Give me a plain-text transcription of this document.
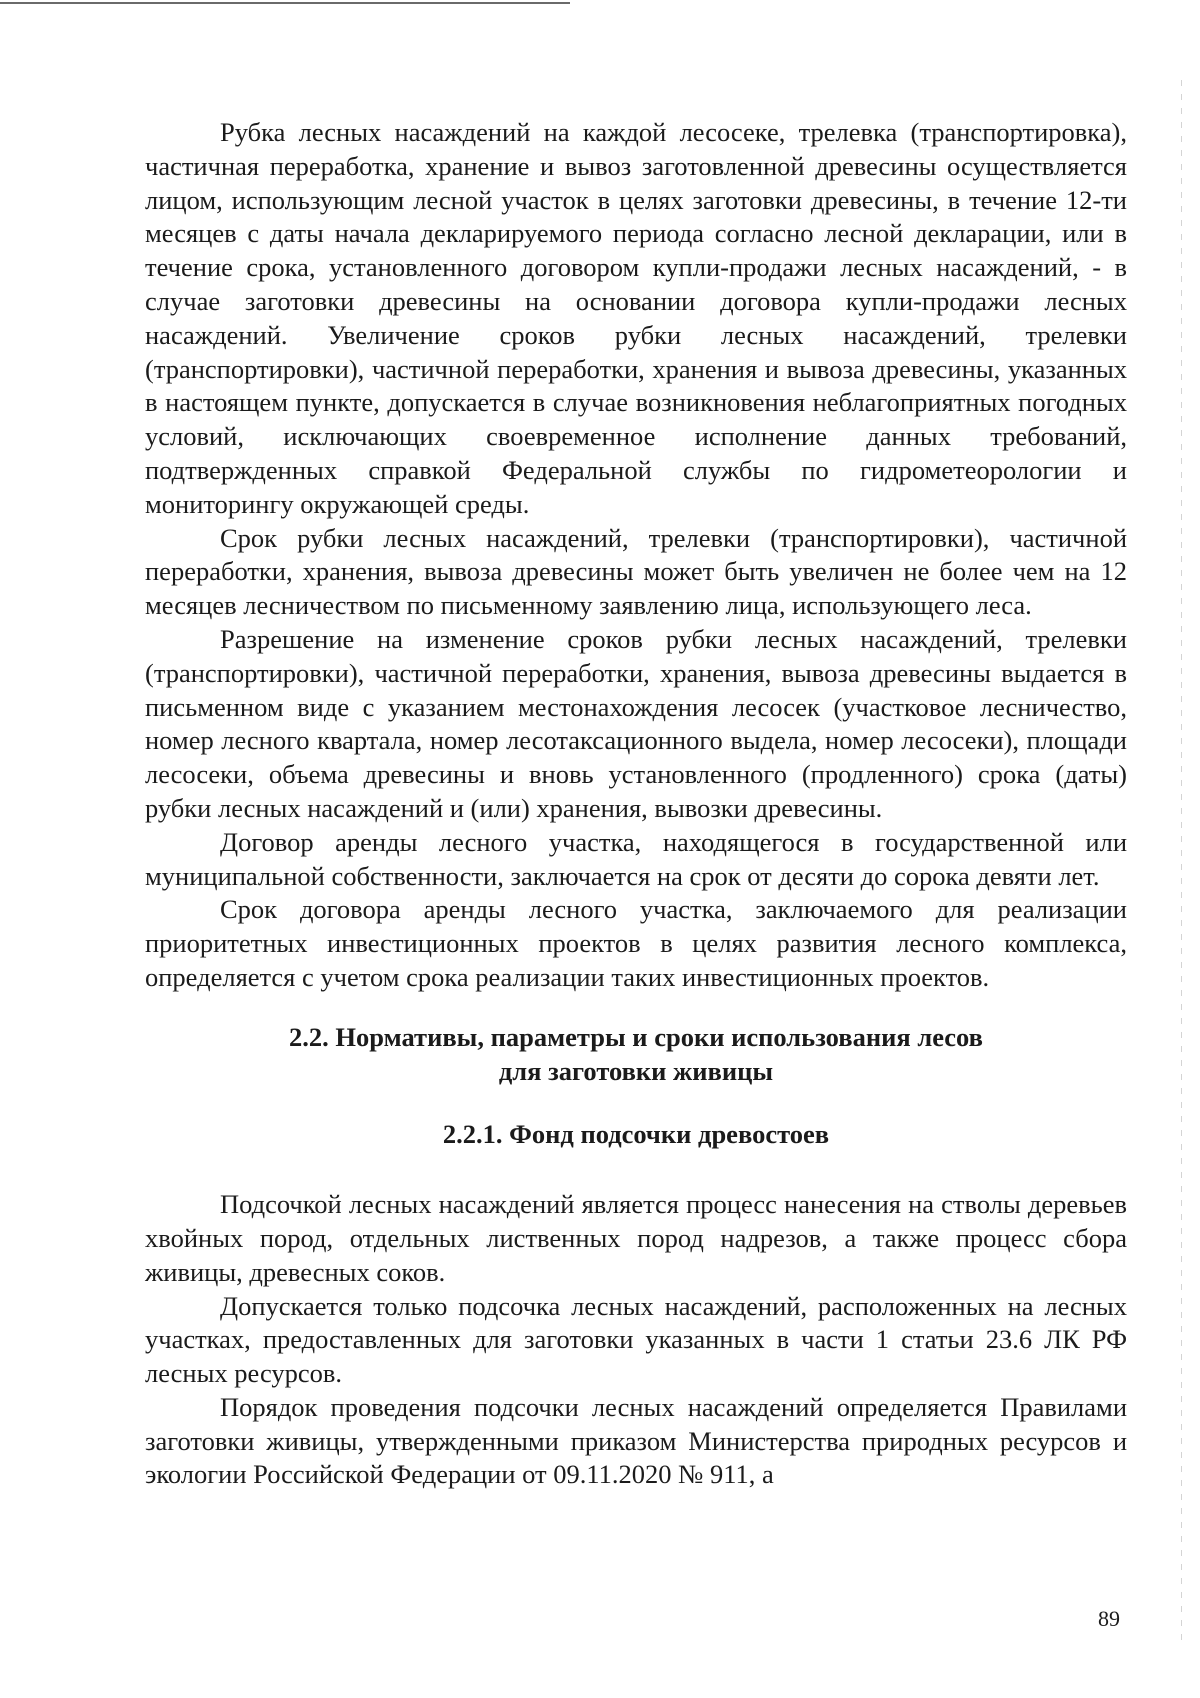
Рубка лесных насаждений на каждой лесосеке, трелевка (транспортировка), частичная переработка, хранение и вывоз заготовленной древесины осуществляется лицом, использующим лесной участок в целях заготовки древесины, в течение 12-ти месяцев с даты начала декларируемого периода согласно лесной декларации, или в течение срока, установленного договором купли-продажи лесных насаждений, - в случае заготовки древесины на основании договора купли-продажи лесных насаждений. Увеличение сроков рубки лесных насаждений, трелевки (транспортировки), частичной переработки, хранения и вывоза древесины, указанных в настоящем пункте, допускается в случае возникновения неблагоприятных погодных условий, исключающих своевременное исполнение данных требований, подтвержденных справкой Федеральной службы по гидрометеорологии и мониторингу окружающей среды.

Срок рубки лесных насаждений, трелевки (транспортировки), частичной переработки, хранения, вывоза древесины может быть увеличен не более чем на 12 месяцев лесничеством по письменному заявлению лица, использующего леса.

Разрешение на изменение сроков рубки лесных насаждений, трелевки (транспортировки), частичной переработки, хранения, вывоза древесины выдается в письменном виде с указанием местонахождения лесосек (участковое лесничество, номер лесного квартала, номер лесотаксационного выдела, номер лесосеки), площади лесосеки, объема древесины и вновь установленного (продленного) срока (даты) рубки лесных насаждений и (или) хранения, вывозки древесины.

Договор аренды лесного участка, находящегося в государственной или муниципальной собственности, заключается на срок от десяти до сорока девяти лет.

Срок договора аренды лесного участка, заключаемого для реализации приоритетных инвестиционных проектов в целях развития лесного комплекса, определяется с учетом срока реализации таких инвестиционных проектов.

2.2. Нормативы, параметры и сроки использования лесов

для заготовки живицы

2.2.1. Фонд подсочки древостоев

Подсочкой лесных насаждений является процесс нанесения на стволы деревьев хвойных пород, отдельных лиственных пород надрезов, а также процесс сбора живицы, древесных соков.

Допускается только подсочка лесных насаждений, расположенных на лесных участках, предоставленных для заготовки указанных в части 1 статьи 23.6 ЛК РФ лесных ресурсов.

Порядок проведения подсочки лесных насаждений определяется Правилами заготовки живицы, утвержденными приказом Министерства природных ресурсов и экологии Российской Федерации от 09.11.2020 № 911, а

89
